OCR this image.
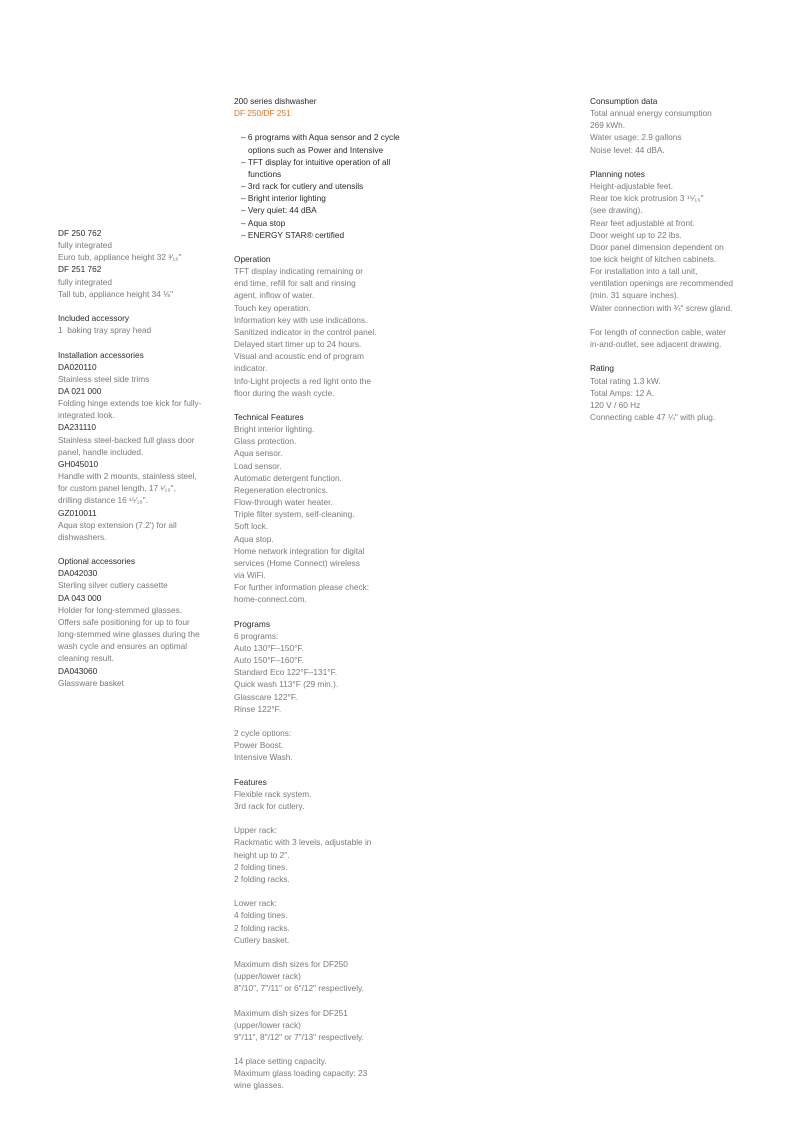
DF 250 762
fully integrated
Euro tub, appliance height 32 ³⁄₁₆"
DF 251 762
fully integrated
Tall tub, appliance height 34 ⅛"
Included accessory
1  baking tray spray head
Installation accessories
DA020110
Stainless steel side trims
DA 021 000
Folding hinge extends toe kick for fully-
integrated look.
DA231110
Stainless steel-backed full glass door
panel, handle included.
GH045010
Handle with 2 mounts, stainless steel,
for custom panel length, 17 ¹⁄₁₆",
drilling distance 16 ¹⁵⁄₁₆".
GZ010011
Aqua stop extension (7.2') for all
dishwashers.
Optional accessories
DA042030
Sterling silver cutlery cassette
DA 043 000
Holder for long-stemmed glasses.
Offers safe positioning for up to four
long-stemmed wine glasses during the
wash cycle and ensures an optimal
cleaning result.
DA043060
Glassware basket
200 series dishwasher
DF 250/DF 251
– 6 programs with Aqua sensor and 2 cycle options such as Power and Intensive
– TFT display for intuitive operation of all functions
– 3rd rack for cutlery and utensils
– Bright interior lighting
– Very quiet: 44 dBA
– Aqua stop
– ENERGY STAR® certified
Operation
TFT display indicating remaining or
end time, refill for salt and rinsing
agent, inflow of water.
Touch key operation.
Information key with use indications.
Sanitized indicator in the control panel.
Delayed start timer up to 24 hours.
Visual and acoustic end of program
indicator.
Info-Light projects a red light onto the
floor during the wash cycle.
Technical Features
Bright interior lighting.
Glass protection.
Aqua sensor.
Load sensor.
Automatic detergent function.
Regeneration electronics.
Flow-through water heater.
Triple filter system, self-cleaning.
Soft lock.
Aqua stop.
Home network integration for digital
services (Home Connect) wireless
via WiFi.
For further information please check:
home-connect.com.
Programs
6 programs:
Auto 130°F–150°F.
Auto 150°F–160°F.
Standard Eco 122°F–131°F.
Quick wash 113°F (29 min.).
Glasscare 122°F.
Rinse 122°F.
2 cycle options:
Power Boost.
Intensive Wash.
Features
Flexible rack system.
3rd rack for cutlery.
Upper rack:
Rackmatic with 3 levels, adjustable in
height up to 2".
2 folding tines.
2 folding racks.
Lower rack:
4 folding tines.
2 folding racks.
Cutlery basket.
Maximum dish sizes for DF250
(upper/lower rack)
8"/10", 7"/11" or 6"/12" respectively.
Maximum dish sizes for DF251
(upper/lower rack)
9"/11", 8"/12" or 7"/13" respectively.
14 place setting capacity.
Maximum glass loading capacity: 23
wine glasses.
Consumption data
Total annual energy consumption
269 kWh.
Water usage: 2.9 gallons
Noise level: 44 dBA.
Planning notes
Height-adjustable feet.
Rear toe kick protrusion 3 ¹⁵⁄₁₆"
(see drawing).
Rear feet adjustable at front.
Door weight up to 22 lbs.
Door panel dimension dependent on
toe kick height of kitchen cabinets.
For installation into a tall unit,
ventilation openings are recommended
(min. 31 square inches).
Water connection with ¾" screw gland.
For length of connection cable, water
in-and-outlet, see adjacent drawing.
Rating
Total rating 1.3 kW.
Total Amps: 12 A.
120 V / 60 Hz
Connecting cable 47 ¼" with plug.
